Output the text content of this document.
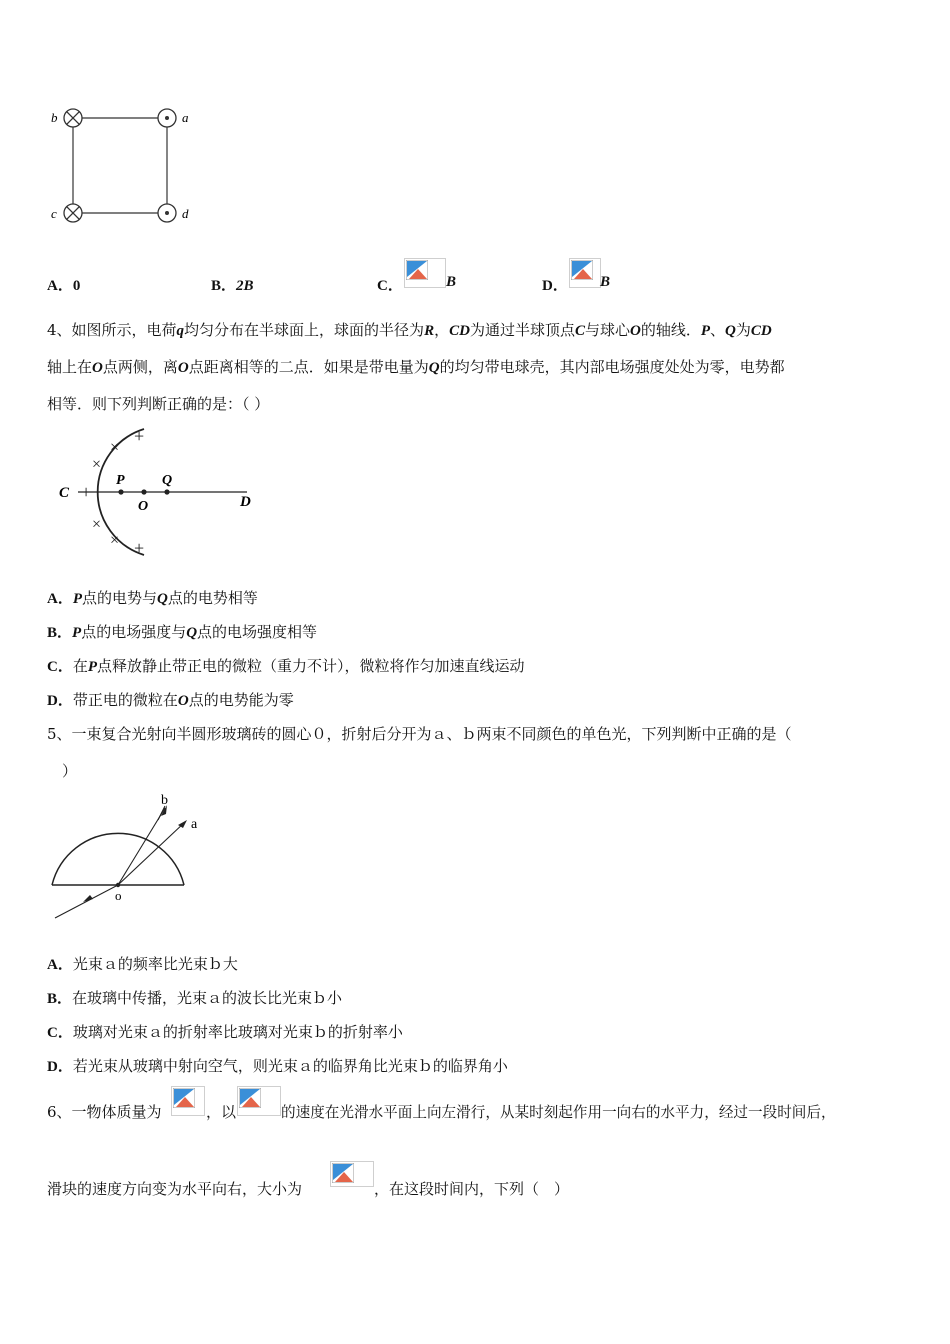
b	a
c	d
A．0	B．2B	C．	B	D． B
4、如图所示，电荷q均匀分布在半球面上，球面的半径为R，CD为通过半球顶点C与球心O的轴线．P、Q为CD
轴上在O点两侧，离O点距离相等的二点．如果是带电量为Q的均匀带电球壳，其内部电场强度处处为零，电势都
相等．则下列判断正确的是：（ ）
+
×
×
+
×
× +
C
P	Q
O	D
A．P点的电势与Q点的电势相等
B．P点的电场强度与Q点的电场强度相等
C．在P点释放静止带正电的微粒（重力不计），微粒将作匀加速直线运动
D．带正电的微粒在O点的电势能为零
5、一束复合光射向半圆形玻璃砖的圆心０，折射后分开为ａ、ｂ两束不同颜色的单色光，下列判断中正确的是（
）
b
a
o
A．光束ａ的频率比光束ｂ大
B．在玻璃中传播，光束ａ的波长比光束ｂ小
C．玻璃对光束ａ的折射率比玻璃对光束ｂ的折射率小
D．若光束从玻璃中射向空气，则光束ａ的临界角比光束ｂ的临界角小
6、一物体质量为	，以	的速度在光滑水平面上向左滑行，从某时刻起作用一向右的水平力，经过一段时间后，
滑块的速度方向变为水平向右，大小为	，在这段时间内，下列（　）
